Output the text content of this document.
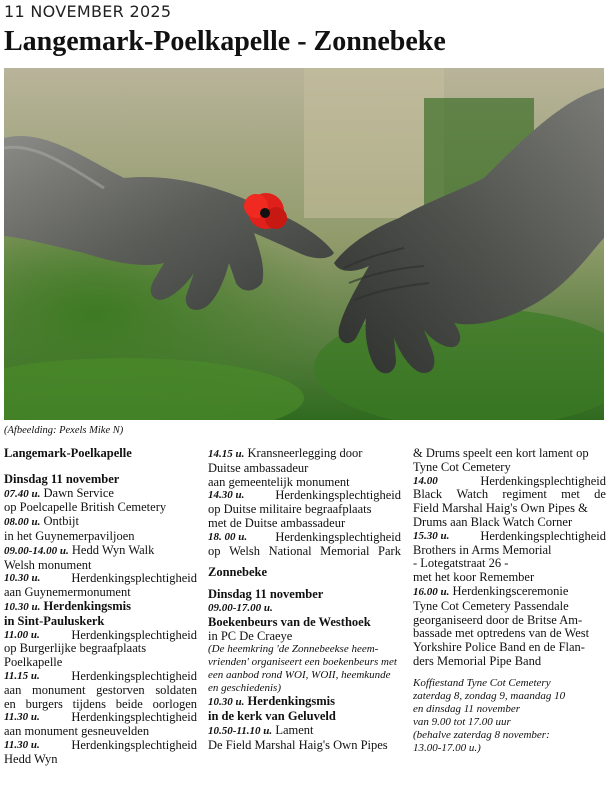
11 NOVEMBER 2025
Langemark-Poelkapelle - Zonnebeke
(Afbeelding: Pexels Mike N)
Langemark-Poelkapelle
Dinsdag 11 november
07.40 u. Dawn Service
op Poelcapelle British Cemetery
08.00 u. Ontbijt
in het Guynemerpaviljoen
09.00-14.00 u. Hedd Wyn Walk
Welsh monument
10.30 u. Herdenkingsplechtigheid
aan Guynemermonument
10.30 u. Herdenkingsmis
in Sint-Pauluskerk
11.00 u.	Herdenkingsplechtigheid
op Burgerlijke begraafplaats
Poelkapelle
11.15 u.	Herdenkingsplechtigheid
aan monument gestorven soldaten
en burgers tijdens beide oorlogen
11.30 u.	Herdenkingsplechtigheid
aan monument gesneuvelden
11.30 u.	Herdenkingsplechtigheid
Hedd Wyn
14.15 u. Kransneerlegging door
Duitse ambassadeur
aan gemeentelijk monument
14.30 u. Herdenkingsplechtigheid
op Duitse militaire begraafplaats
met de Duitse ambassadeur
18. 00 u. Herdenkingsplechtigheid
op Welsh National Memorial Park
Zonnebeke
Dinsdag 11 november
09.00-17.00 u.
Boekenbeurs van de Westhoek
in PC De Craeye
(De heemkring 'de Zonnebeekse heem-
vrienden' organiseert een boekenbeurs met
een aanbod rond WOI, WOII, heemkunde
en geschiedenis)
10.30 u. Herdenkingsmis
in de kerk van Geluveld
10.50-11.10 u. Lament
De Field Marshal Haig's Own Pipes
& Drums speelt een kort lament op
Tyne Cot Cemetery
14.00	Herdenkingsplechtigheid
Black Watch regiment met de
Field Marshal Haig's Own Pipes &
Drums aan Black Watch Corner
15.30 u. Herdenkingsplechtigheid
Brothers in Arms Memorial
- Lotegatstraat 26 -
met het koor Remember
16.00 u. Herdenkingsceremonie
Tyne Cot Cemetery Passendale
georganiseerd door de Britse Am-
bassade met optredens van de West
Yorkshire Police Band en de Flan-
ders Memorial Pipe Band
Koffiestand Tyne Cot Cemetery
zaterdag 8, zondag 9, maandag 10
en dinsdag 11 november
van 9.00 tot 17.00 uur
(behalve zaterdag 8 november:
13.00-17.00 u.)
